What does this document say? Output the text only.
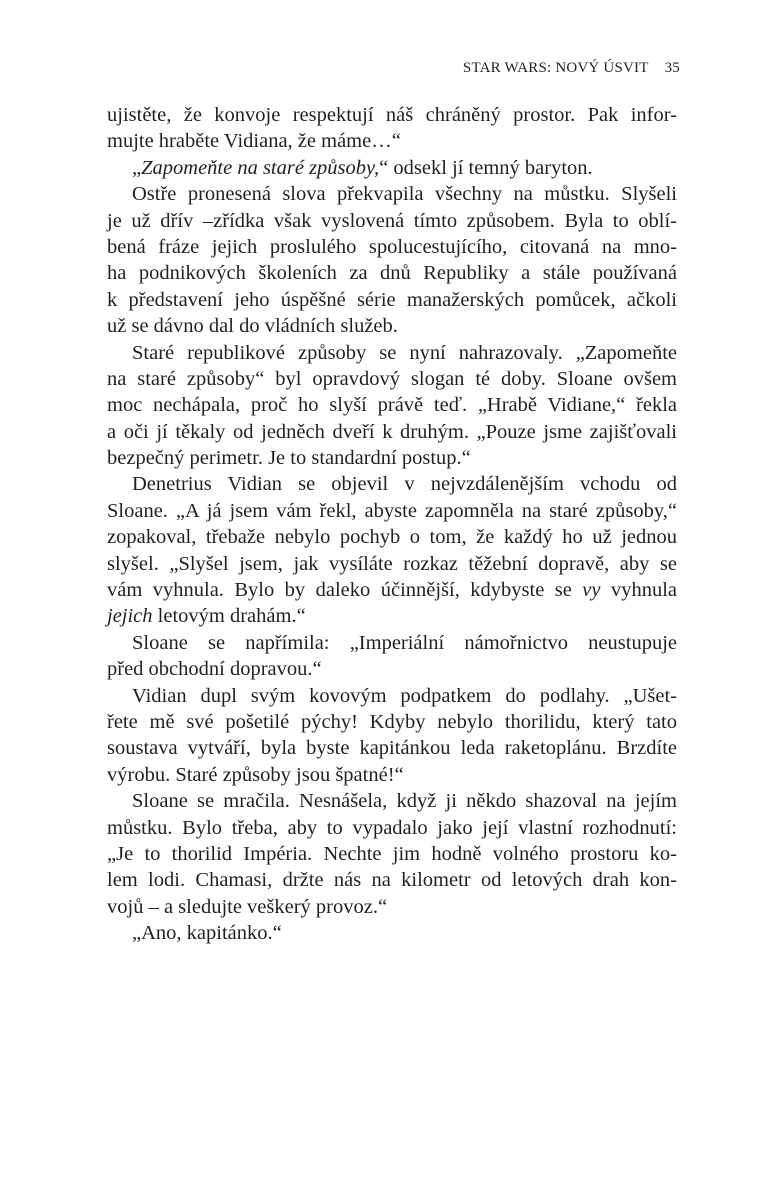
STAR WARS: NOVÝ ÚSVIT 35
ujistěte, že konvoje respektují náš chráněný prostor. Pak infor-
mujte hraběte Vidiana, že máme…“
„Zapomeňte na staré způsoby,“ odsekl jí temný baryton.
Ostře pronesená slova překvapila všechny na můstku. Slyšeli
je už dřív –zřídka však vyslovená tímto způsobem. Byla to oblí-
bená fráze jejich proslulého spolucestujícího, citovaná na mno-
ha podnikových školeních za dnů Republiky a stále používaná
k představení jeho úspěšné série manažerských pomůcek, ačkoli
už se dávno dal do vládních služeb.
Staré republikové způsoby se nyní nahrazovaly. „Zapomeňte
na staré způsoby“ byl opravdový slogan té doby. Sloane ovšem
moc nechápala, proč ho slyší právě teď. „Hrabě Vidiane,“ řekla
a oči jí těkaly od jedněch dveří k druhým. „Pouze jsme zajišťovali
bezpečný perimetr. Je to standardní postup.“
Denetrius Vidian se objevil v nejvzdálenějším vchodu od
Sloane. „A já jsem vám řekl, abyste zapomněla na staré způsoby,“
zopakoval, třebaže nebylo pochyb o tom, že každý ho už jednou
slyšel. „Slyšel jsem, jak vysíláte rozkaz těžební dopravě, aby se
vám vyhnula. Bylo by daleko účinnější, kdybyste se vy vyhnula
jejich letovým drahám.“
Sloane se napřímila: „Imperiální námořnictvo neustupuje
před obchodní dopravou.“
Vidian dupl svým kovovým podpatkem do podlahy. „Ušet-
řete mě své pošetilé pýchy! Kdyby nebylo thorilidu, který tato
soustava vytváří, byla byste kapitánkou leda raketoplánu. Brzdíte
výrobu. Staré způsoby jsou špatné!“
Sloane se mračila. Nesnášela, když ji někdo shazoval na jejím
můstku. Bylo třeba, aby to vypadalo jako její vlastní rozhodnutí:
„Je to thorilid Impéria. Nechte jim hodně volného prostoru ko-
lem lodi. Chamasi, držte nás na kilometr od letových drah kon-
vojů – a sledujte veškerý provoz.“
„Ano, kapitánko.“
